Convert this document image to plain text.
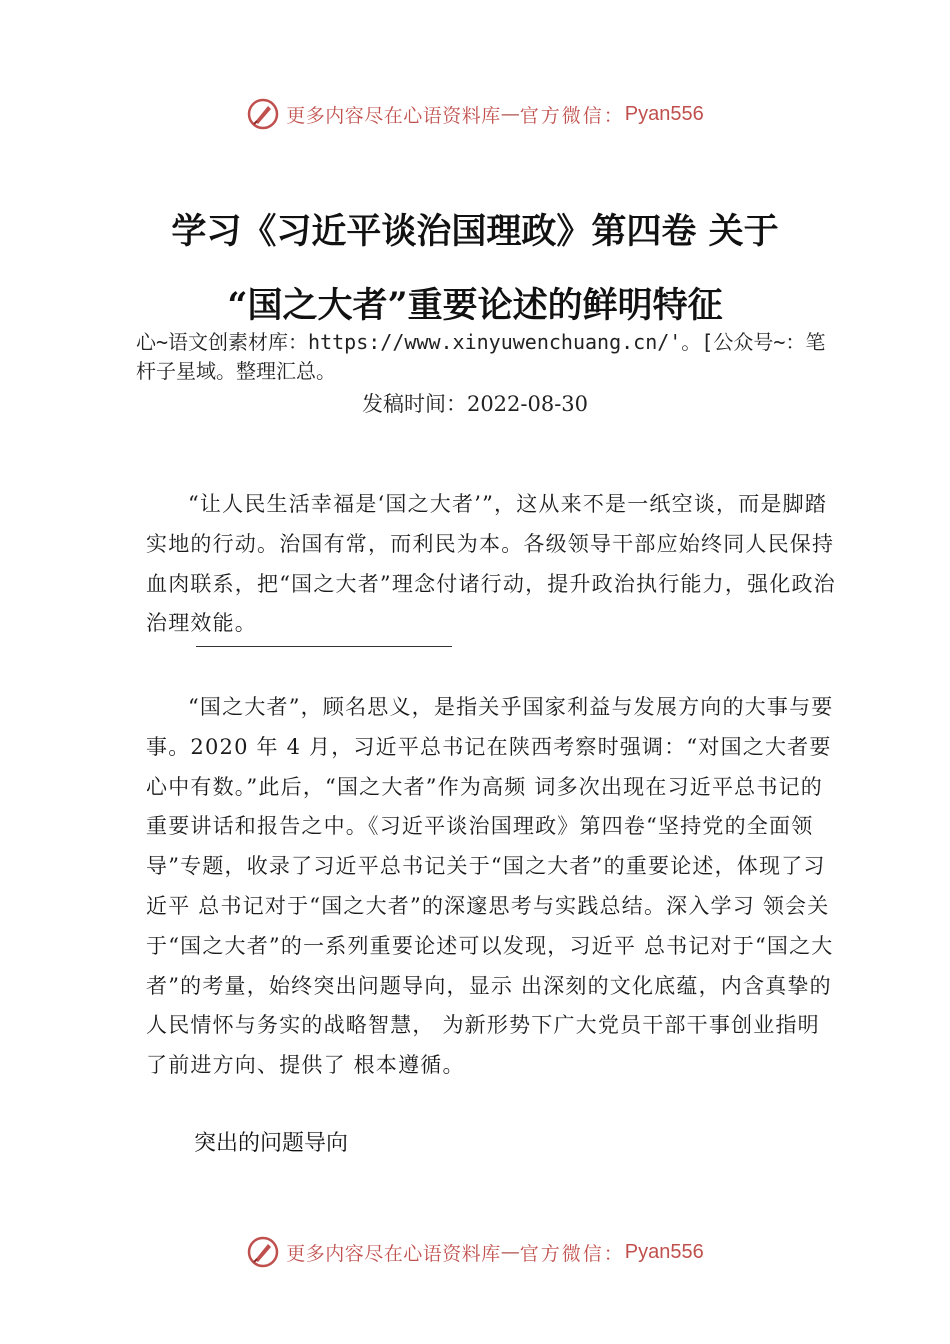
更多内容尽在心语资料库 — 官方微信： Pyan556
学习《习近平谈治国理政》第四卷 关于
“国之大者”重要论述的鲜明特征

心~语文创素材库：https://www.xinyuwenchuang.cn/'。[公众号~：笔杆子星域。整理汇总。

发稿时间：2022-08-30

“让人民生活幸福是‘国之大者’”，这从来不是一纸空谈，而是脚踏实地的行动。治国有常，而利民为本。各级领导干部应始终同人民保持血肉联系，把“国之大者”理念付诸行动，提升政治执行能力，强化政治治理效能。

“国之大者”，顾名思义，是指关乎国家利益与发展方向的大事与要事。2020 年 4 月，习近平总书记在陕西考察时强调：“对国之大者要心中有数。”此后，“国之大者”作为高频 词多次出现在习近平总书记的重要讲话和报告之中。《习近平谈治国理政》第四卷“坚持党的全面领导”专题，收录了习近平总书记关于“国之大者”的重要论述，体现了习近平 总书记对于“国之大者”的深邃思考与实践总结。深入学习 领会关于“国之大者”的一系列重要论述可以发现，习近平 总书记对于“国之大者”的考量，始终突出问题导向，显示 出深刻的文化底蕴，内含真挚的人民情怀与务实的战略智慧， 为新形势下广大党员干部干事创业指明了前进方向、提供了 根本遵循。

突出的问题导向

更多内容尽在心语资料库 — 官方微信： Pyan556
